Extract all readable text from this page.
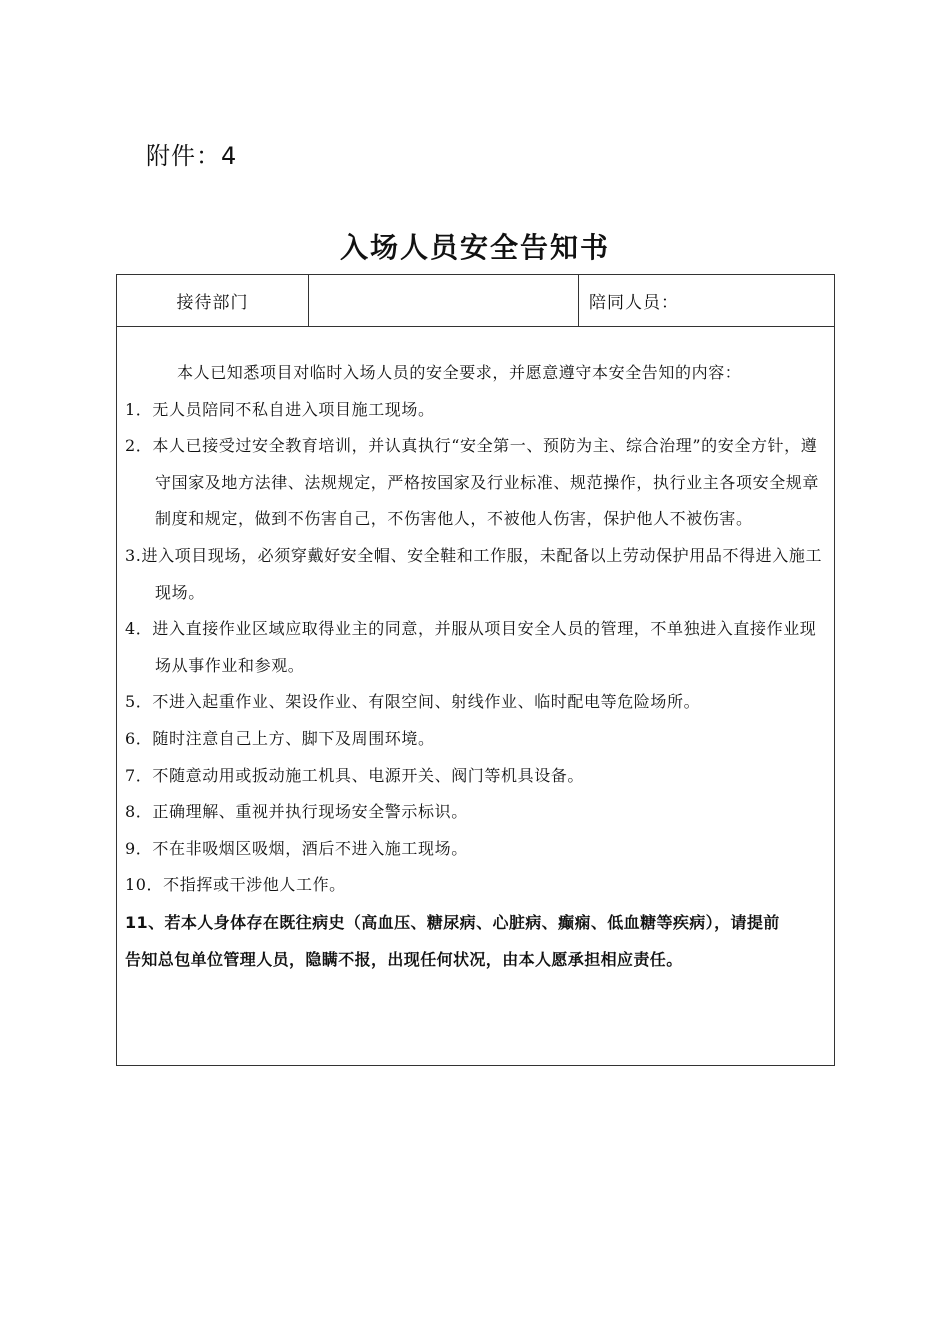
附件：4
入场人员安全告知书
接待部门		陪同人员：

本人已知悉项目对临时入场人员的安全要求，并愿意遵守本安全告知的内容：
1．无人员陪同不私自进入项目施工现场。
2．本人已接受过安全教育培训，并认真执行“安全第一、预防为主、综合治理”的安全方针，遵守国家及地方法律、法规规定，严格按国家及行业标准、规范操作，执行业主各项安全规章制度和规定，做到不伤害自己，不伤害他人，不被他人伤害，保护他人不被伤害。
3.进入项目现场，必须穿戴好安全帽、安全鞋和工作服，未配备以上劳动保护用品不得进入施工现场。
4．进入直接作业区域应取得业主的同意，并服从项目安全人员的管理，不单独进入直接作业现场从事作业和参观。
5．不进入起重作业、架设作业、有限空间、射线作业、临时配电等危险场所。
6．随时注意自己上方、脚下及周围环境。
7．不随意动用或扳动施工机具、电源开关、阀门等机具设备。
8．正确理解、重视并执行现场安全警示标识。
9．不在非吸烟区吸烟，酒后不进入施工现场。
10．不指挥或干涉他人工作。
11、若本人身体存在既往病史（高血压、糖尿病、心脏病、癫痫、低血糖等疾病），请提前告知总包单位管理人员，隐瞒不报，出现任何状况，由本人愿承担相应责任。
